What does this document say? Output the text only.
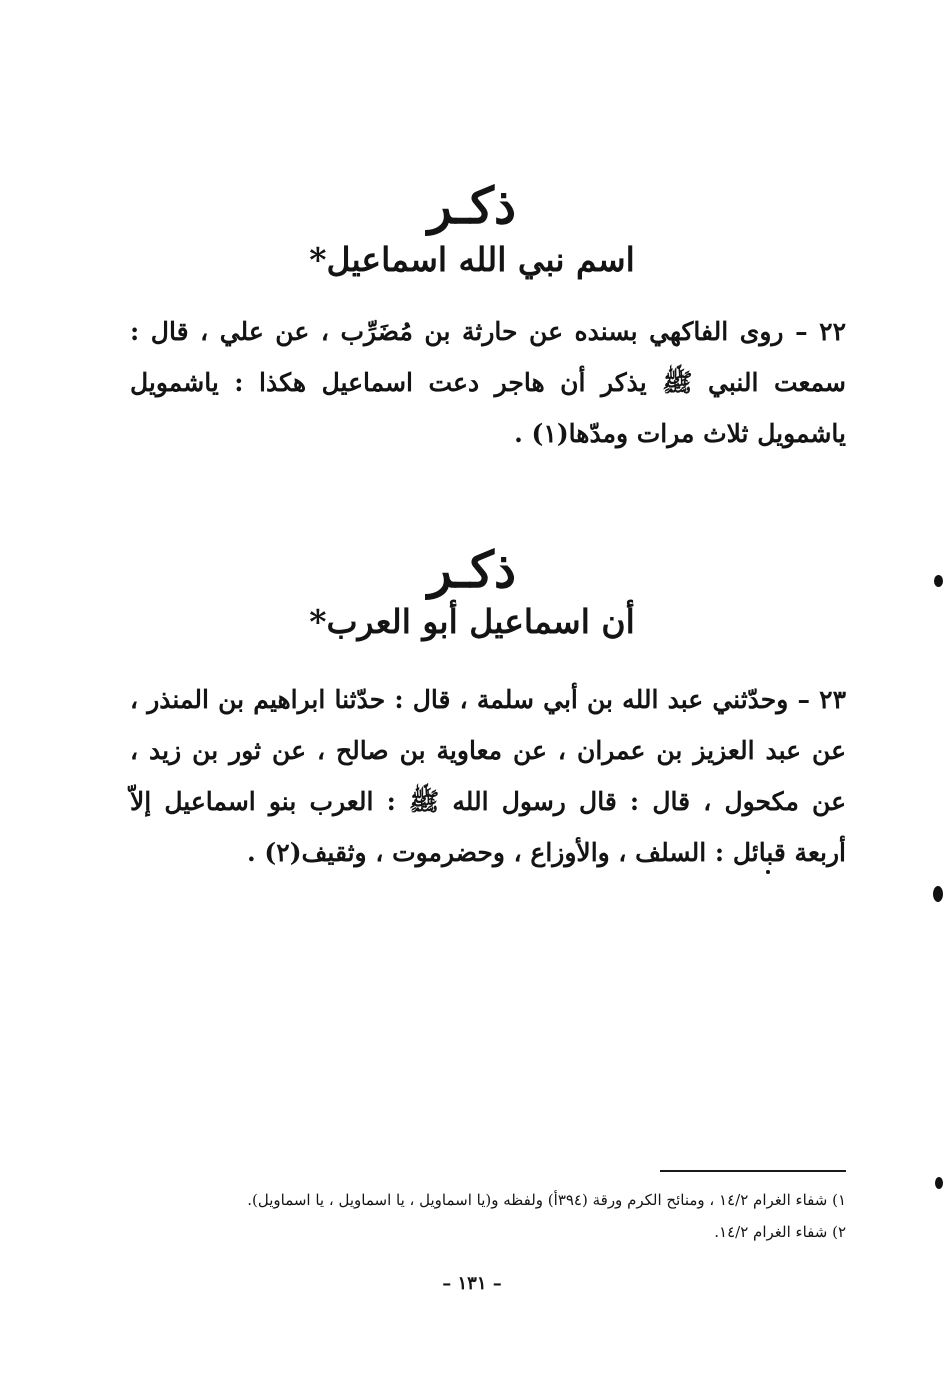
ذكـر
اسم نبي الله اسماعيل*
٢٢ – روى الفاكهي بسنده عن حارثة بن مُضَرِّب ، عن علي ، قال : سمعت النبي ﷺ يذكر أن هاجر دعت اسماعيل هكذا : ياشمويل ياشمويل ثلاث مرات ومدّها(١) .
ذكـر
أن اسماعيل أبو العرب*
٢٣ – وحدّثني عبد الله بن أبي سلمة ، قال : حدّثنا ابراهيم بن المنذر ، عن عبد العزيز بن عمران ، عن معاوية بن صالح ، عن ثور بن زيد ، عن مكحول ، قال : قال رسول الله ﷺ : العرب بنو اسماعيل إلاّ أربعة قبائل : السلف ، والأوزاع ، وحضرموت ، وثقيف(٢) .
١) شفاء الغرام ١٤/٢ ، ومنائح الكرم ورقة (٣٩٤أ) ولفظه و(يا اسماويل ، يا اسماويل ، يا اسماويل).
٢) شفاء الغرام ١٤/٢.
– ١٣١ –
